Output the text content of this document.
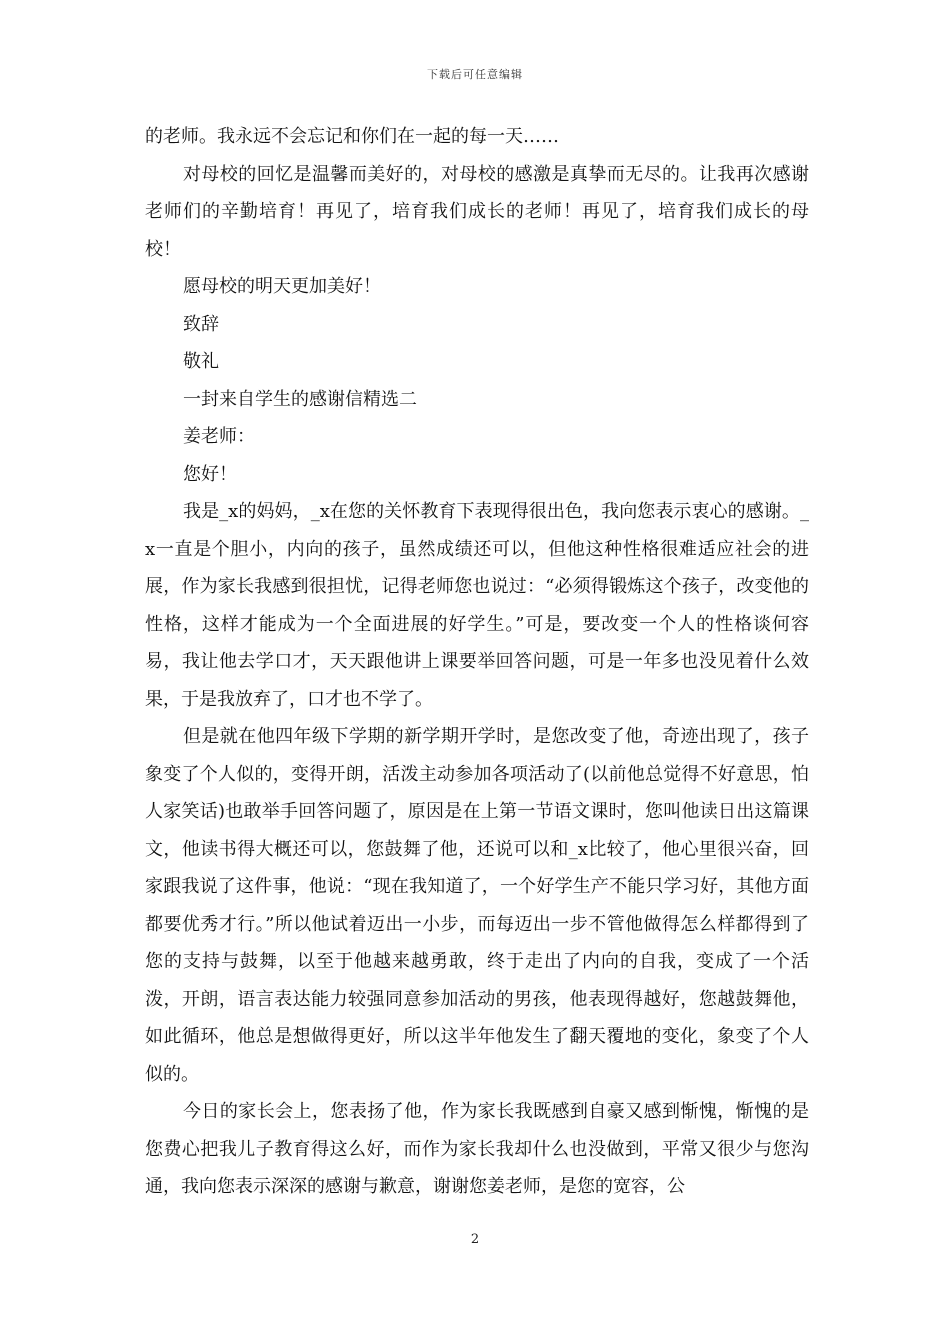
下载后可任意编辑

的老师。我永远不会忘记和你们在一起的每一天……

对母校的回忆是温馨而美好的，对母校的感激是真挚而无尽的。让我再次感谢老师们的辛勤培育！再见了，培育我们成长的老师！再见了，培育我们成长的母校！

愿母校的明天更加美好！

致辞

敬礼

一封来自学生的感谢信精选二

姜老师：

您好！

我是_x的妈妈，_x在您的关怀教育下表现得很出色，我向您表示衷心的感谢。_x一直是个胆小，内向的孩子，虽然成绩还可以，但他这种性格很难适应社会的进展，作为家长我感到很担忧，记得老师您也说过：“必须得锻炼这个孩子，改变他的性格，这样才能成为一个全面进展的好学生。”可是，要改变一个人的性格谈何容易，我让他去学口才，天天跟他讲上课要举回答问题，可是一年多也没见着什么效果，于是我放弃了，口才也不学了。

但是就在他四年级下学期的新学期开学时，是您改变了他，奇迹出现了，孩子象变了个人似的，变得开朗，活泼主动参加各项活动了(以前他总觉得不好意思，怕人家笑话)也敢举手回答问题了，原因是在上第一节语文课时，您叫他读日出这篇课文，他读书得大概还可以，您鼓舞了他，还说可以和_x比较了，他心里很兴奋，回家跟我说了这件事，他说：“现在我知道了，一个好学生产不能只学习好，其他方面都要优秀才行。”所以他试着迈出一小步，而每迈出一步不管他做得怎么样都得到了您的支持与鼓舞，以至于他越来越勇敢，终于走出了内向的自我，变成了一个活泼，开朗，语言表达能力较强同意参加活动的男孩，他表现得越好，您越鼓舞他，如此循环，他总是想做得更好，所以这半年他发生了翻天覆地的变化，象变了个人似的。

今日的家长会上，您表扬了他，作为家长我既感到自豪又感到惭愧，惭愧的是您费心把我儿子教育得这么好，而作为家长我却什么也没做到，平常又很少与您沟通，我向您表示深深的感谢与歉意，谢谢您姜老师，是您的宽容，公

2
